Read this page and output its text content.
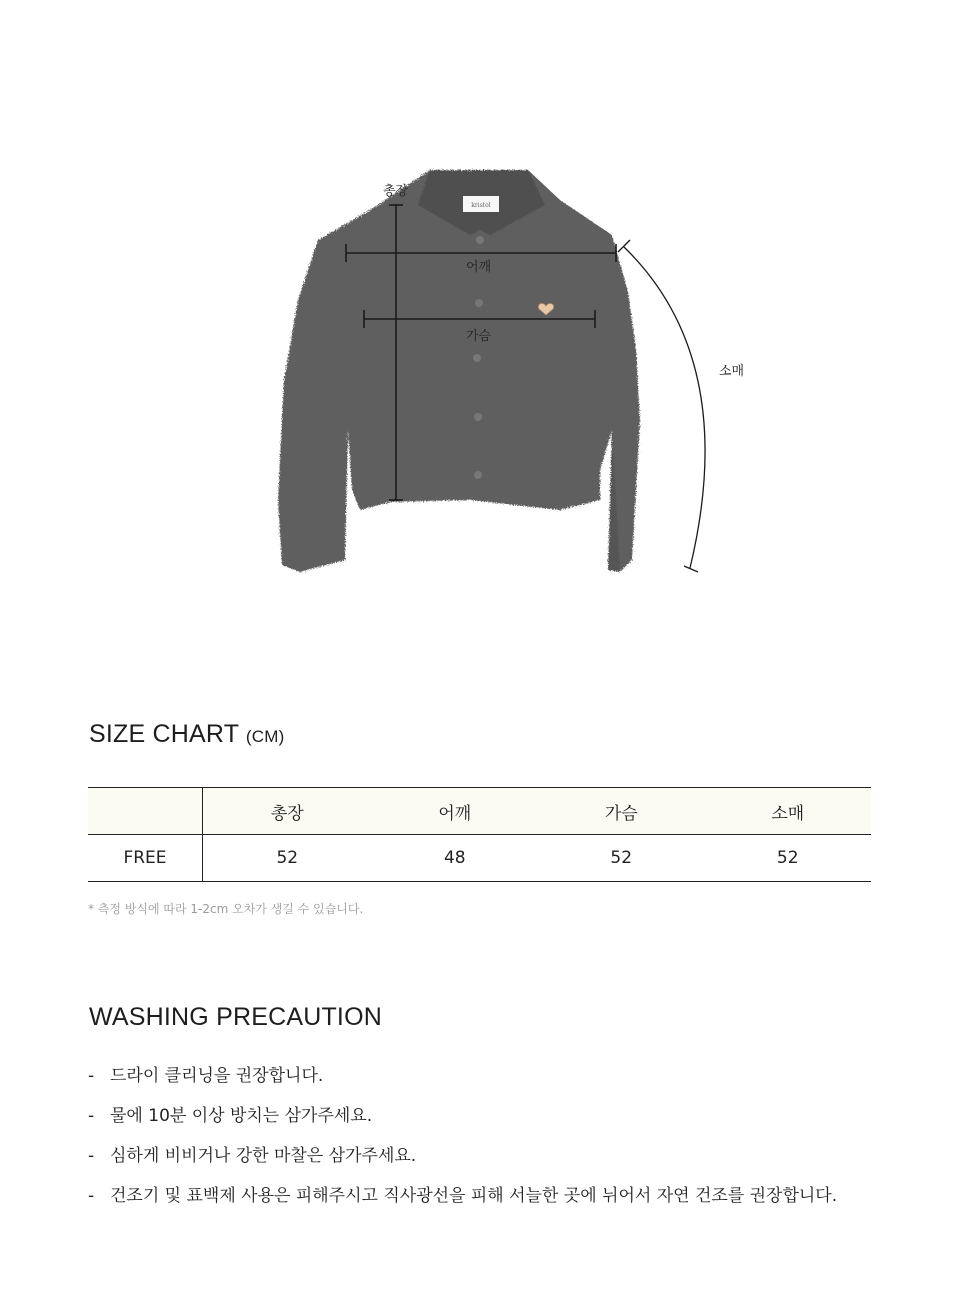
kristol
총장
어깨
가슴
소매
SIZE CHART (CM)
	총장	어깨	가슴	소매
FREE	52	48	52	52
* 측정 방식에 따라 1-2cm 오차가 생길 수 있습니다.
WASHING PRECAUTION
- 드라이 클리닝을 권장합니다.
- 물에 10분 이상 방치는 삼가주세요.
- 심하게 비비거나 강한 마찰은 삼가주세요.
- 건조기 및 표백제 사용은 피해주시고 직사광선을 피해 서늘한 곳에 뉘어서 자연 건조를 권장합니다.
